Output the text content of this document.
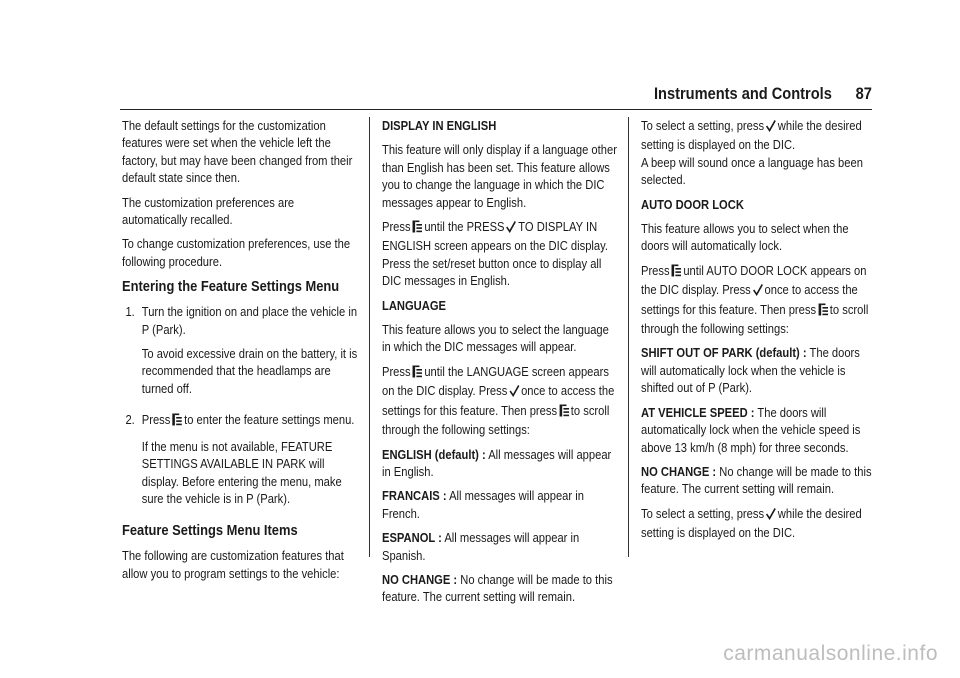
Instruments and Controls 87

The default settings for the customization features were set when the vehicle left the factory, but may have been changed from their default state since then.

The customization preferences are automatically recalled.

To change customization preferences, use the following procedure.

Entering the Feature Settings Menu
1. Turn the ignition on and place the vehicle in P (Park).

To avoid excessive drain on the battery, it is recommended that the headlamps are turned off.

2. Press to enter the feature settings menu.

If the menu is not available, FEATURE SETTINGS AVAILABLE IN PARK will display. Before entering the menu, make sure the vehicle is in P (Park).

Feature Settings Menu Items

The following are customization features that allow you to program settings to the vehicle:

DISPLAY IN ENGLISH

This feature will only display if a language other than English has been set. This feature allows you to change the language in which the DIC messages appear to English.

Press until the PRESS TO DISPLAY IN ENGLISH screen appears on the DIC display. Press the set/reset button once to display all DIC messages in English.

LANGUAGE

This feature allows you to select the language in which the DIC messages will appear.

Press until the LANGUAGE screen appears on the DIC display. Press once to access the settings for this feature. Then press to scroll through the following settings:

ENGLISH (default) : All messages will appear in English.

FRANCAIS : All messages will appear in French.

ESPANOL : All messages will appear in Spanish.

NO CHANGE : No change will be made to this feature. The current setting will remain.

To select a setting, press while the desired setting is displayed on the DIC.

A beep will sound once a language has been selected.

AUTO DOOR LOCK

This feature allows you to select when the doors will automatically lock.

Press until AUTO DOOR LOCK appears on the DIC display. Press once to access the settings for this feature. Then press to scroll through the following settings:

SHIFT OUT OF PARK (default) : The doors will automatically lock when the vehicle is shifted out of P (Park).

AT VEHICLE SPEED : The doors will automatically lock when the vehicle speed is above 13 km/h (8 mph) for three seconds.

NO CHANGE : No change will be made to this feature. The current setting will remain.

To select a setting, press while the desired setting is displayed on the DIC.

carmanualsonline.info
